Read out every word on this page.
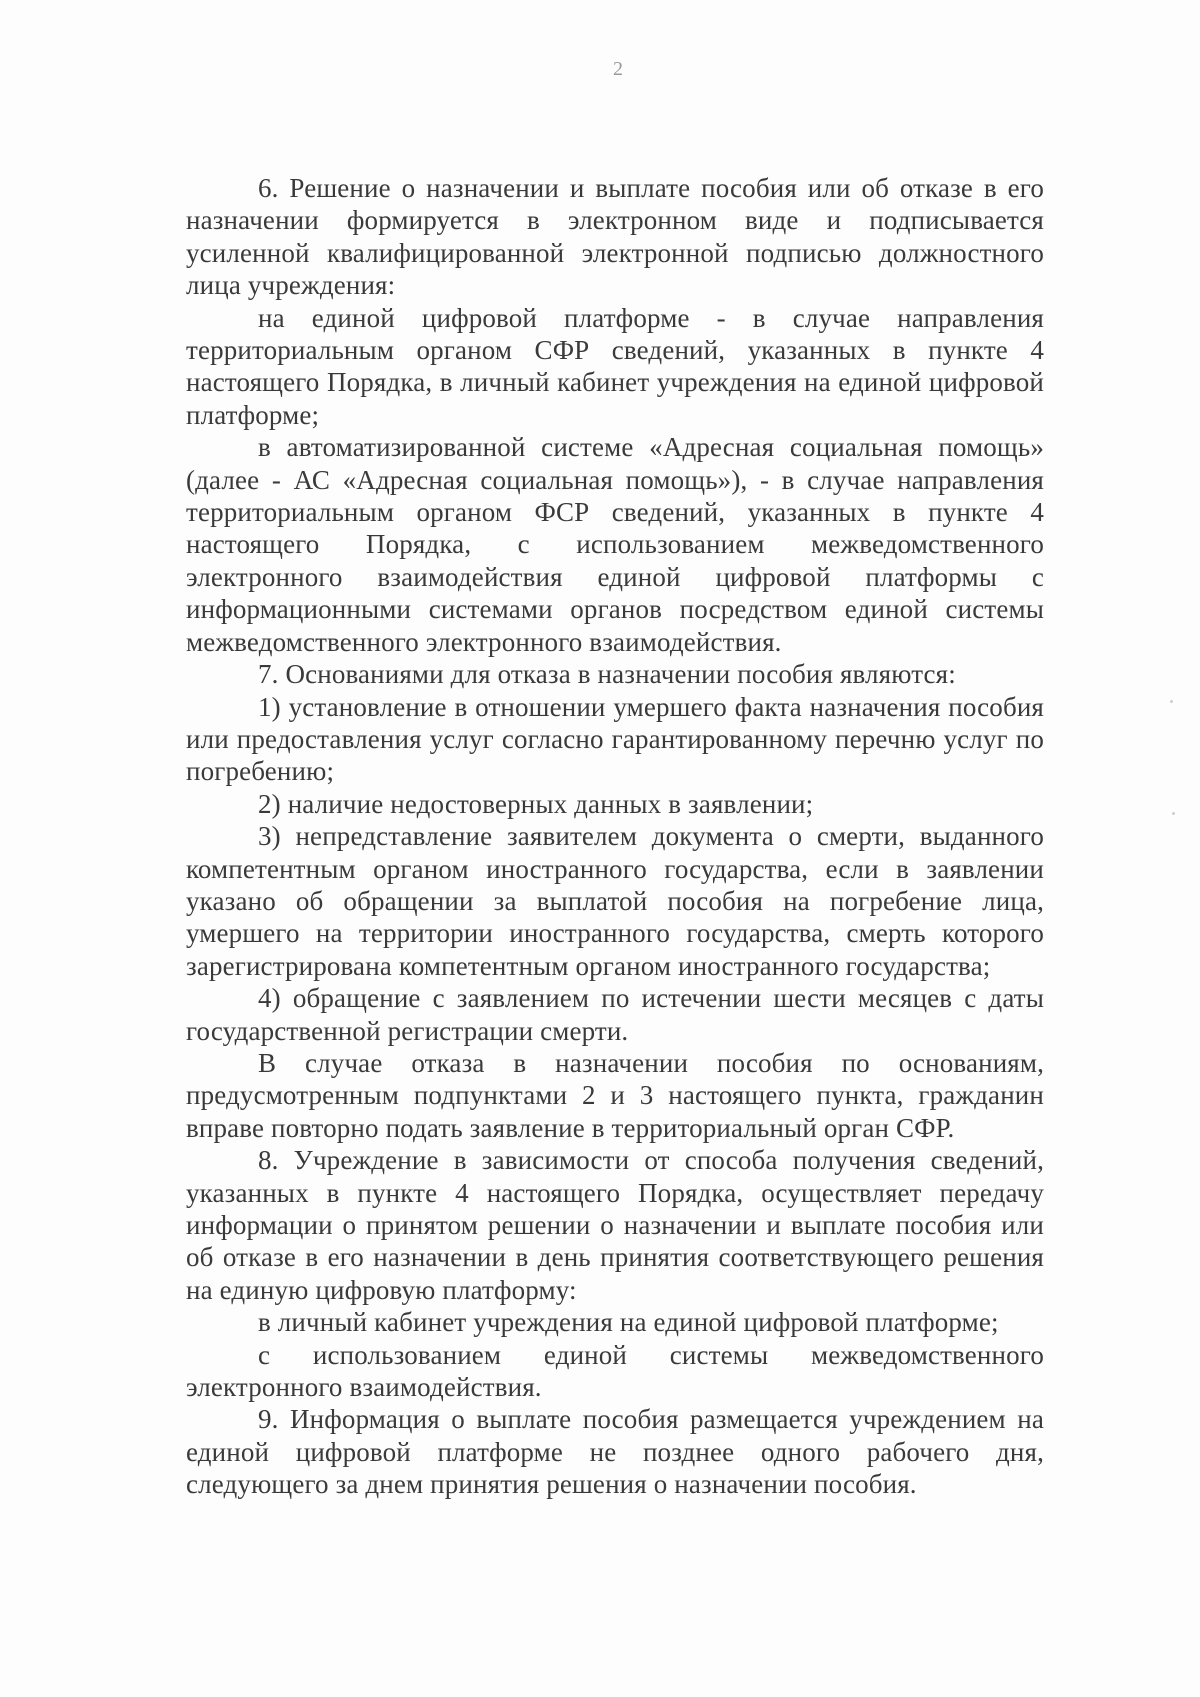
2

6. Решение о назначении и выплате пособия или об отказе в его назначении формируется в электронном виде и подписывается усиленной квалифицированной электронной подписью должностного лица учреждения:

на единой цифровой платформе - в случае направления территориальным органом СФР сведений, указанных в пункте 4 настоящего Порядка, в личный кабинет учреждения на единой цифровой платформе;

в автоматизированной системе «Адресная социальная помощь» (далее - АС «Адресная социальная помощь»), - в случае направления территориальным органом ФСР сведений, указанных в пункте 4 настоящего Порядка, с использованием межведомственного электронного взаимодействия единой цифровой платформы с информационными системами органов посредством единой системы межведомственного электронного взаимодействия.

7. Основаниями для отказа в назначении пособия являются:

1) установление в отношении умершего факта назначения пособия или предоставления услуг согласно гарантированному перечню услуг по погребению;

2) наличие недостоверных данных в заявлении;

3) непредставление заявителем документа о смерти, выданного компетентным органом иностранного государства, если в заявлении указано об обращении за выплатой пособия на погребение лица, умершего на территории иностранного государства, смерть которого зарегистрирована компетентным органом иностранного государства;

4) обращение с заявлением по истечении шести месяцев с даты государственной регистрации смерти.

В случае отказа в назначении пособия по основаниям, предусмотренным подпунктами 2 и 3 настоящего пункта, гражданин вправе повторно подать заявление в территориальный орган СФР.

8. Учреждение в зависимости от способа получения сведений, указанных в пункте 4 настоящего Порядка, осуществляет передачу информации о принятом решении о назначении и выплате пособия или об отказе в его назначении в день принятия соответствующего решения на единую цифровую платформу:

в личный кабинет учреждения на единой цифровой платформе;

с использованием единой системы межведомственного электронного взаимодействия.

9. Информация о выплате пособия размещается учреждением на единой цифровой платформе не позднее одного рабочего дня, следующего за днем принятия решения о назначении пособия.
